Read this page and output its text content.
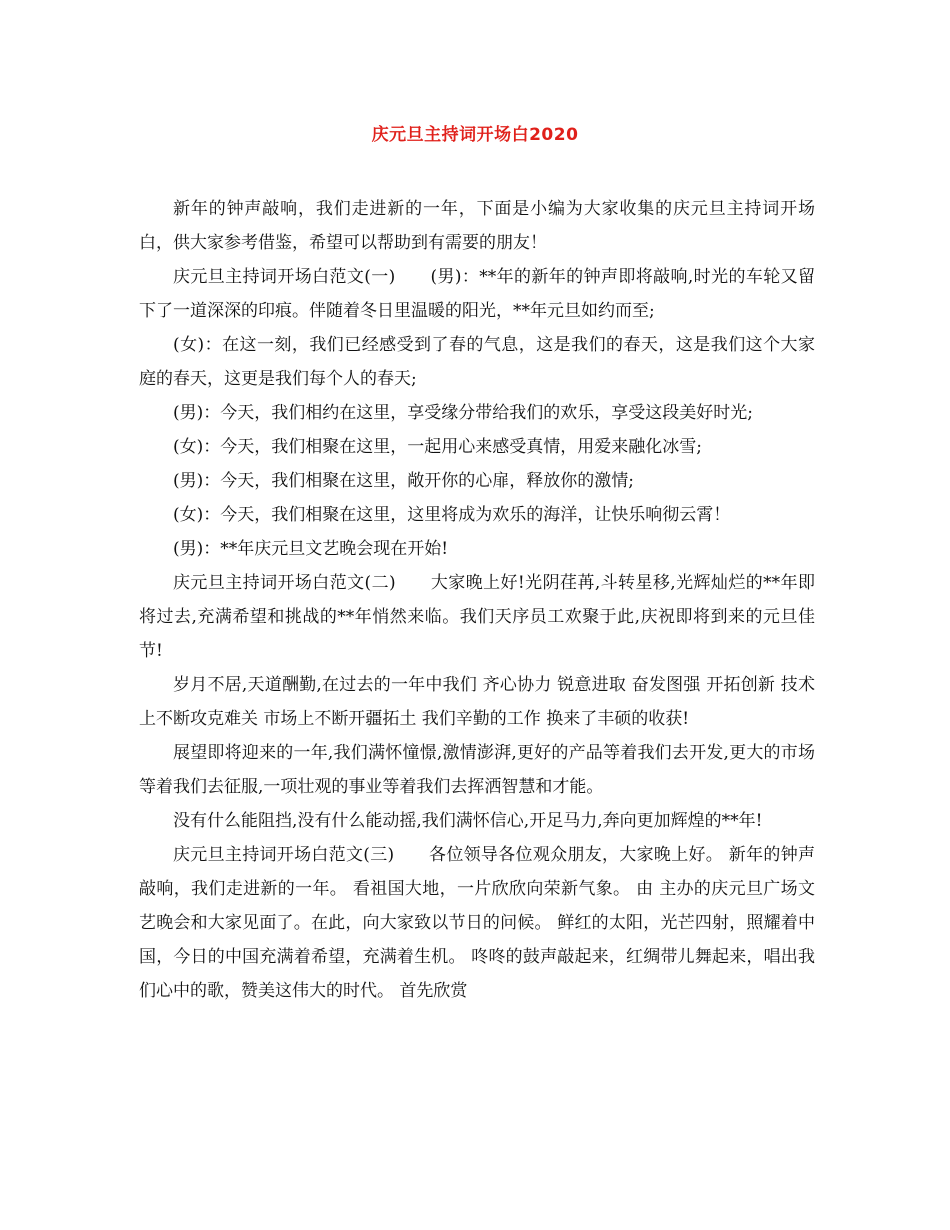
庆元旦主持词开场白2020

新年的钟声敲响，我们走进新的一年，下面是小编为大家收集的庆元旦主持词开场白，供大家参考借鉴，希望可以帮助到有需要的朋友！

庆元旦主持词开场白范文(一)　　(男)：**年的新年的钟声即将敲响,时光的车轮又留下了一道深深的印痕。伴随着冬日里温暖的阳光，**年元旦如约而至;

(女)：在这一刻，我们已经感受到了春的气息，这是我们的春天，这是我们这个大家庭的春天，这更是我们每个人的春天;

(男)：今天，我们相约在这里，享受缘分带给我们的欢乐，享受这段美好时光;

(女)：今天，我们相聚在这里，一起用心来感受真情，用爱来融化冰雪;

(男)：今天，我们相聚在这里，敞开你的心扉，释放你的激情;

(女)：今天，我们相聚在这里，这里将成为欢乐的海洋，让快乐响彻云霄！

(男)：**年庆元旦文艺晚会现在开始!

庆元旦主持词开场白范文(二)　　大家晚上好!光阴荏苒,斗转星移,光辉灿烂的**年即将过去,充满希望和挑战的**年悄然来临。我们天序员工欢聚于此,庆祝即将到来的元旦佳节!

岁月不居,天道酬勤,在过去的一年中我们 齐心协力 锐意进取 奋发图强 开拓创新 技术上不断攻克难关 市场上不断开疆拓土 我们辛勤的工作 换来了丰硕的收获!

展望即将迎来的一年,我们满怀憧憬,激情澎湃,更好的产品等着我们去开发,更大的市场等着我们去征服,一项壮观的事业等着我们去挥洒智慧和才能。

没有什么能阻挡,没有什么能动摇,我们满怀信心,开足马力,奔向更加辉煌的**年!

庆元旦主持词开场白范文(三)　　各位领导各位观众朋友，大家晚上好。 新年的钟声敲响，我们走进新的一年。 看祖国大地，一片欣欣向荣新气象。 由 主办的庆元旦广场文艺晚会和大家见面了。在此，向大家致以节日的问候。 鲜红的太阳，光芒四射，照耀着中国，今日的中国充满着希望，充满着生机。 咚咚的鼓声敲起来，红绸带儿舞起来，唱出我们心中的歌，赞美这伟大的时代。 首先欣赏
